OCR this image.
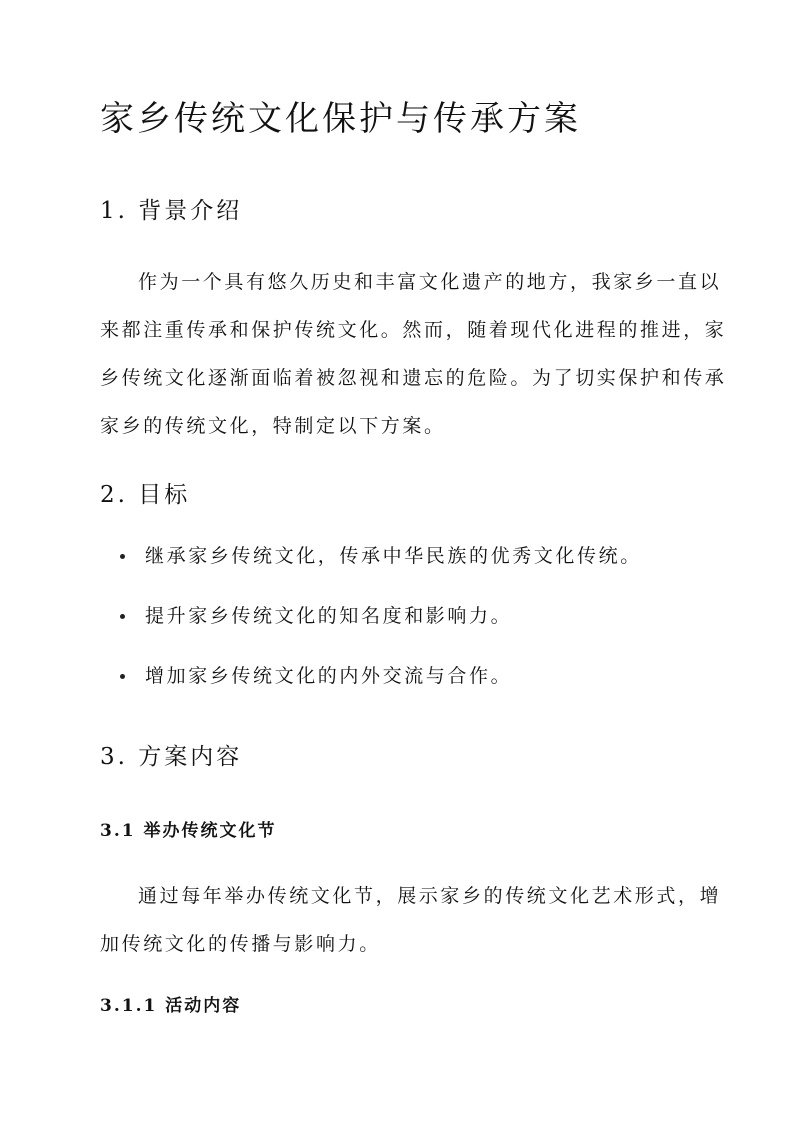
家乡传统文化保护与传承方案
1. 背景介绍

作为一个具有悠久历史和丰富文化遗产的地方，我家乡一直以
来都注重传承和保护传统文化。然而，随着现代化进程的推进，家
乡传统文化逐渐面临着被忽视和遗忘的危险。为了切实保护和传承
家乡的传统文化，特制定以下方案。

2. 目标
继承家乡传统文化，传承中华民族的优秀文化传统。
提升家乡传统文化的知名度和影响力。
增加家乡传统文化的内外交流与合作。
3. 方案内容
3.1 举办传统文化节

通过每年举办传统文化节，展示家乡的传统文化艺术形式，增
加传统文化的传播与影响力。

3.1.1 活动内容
